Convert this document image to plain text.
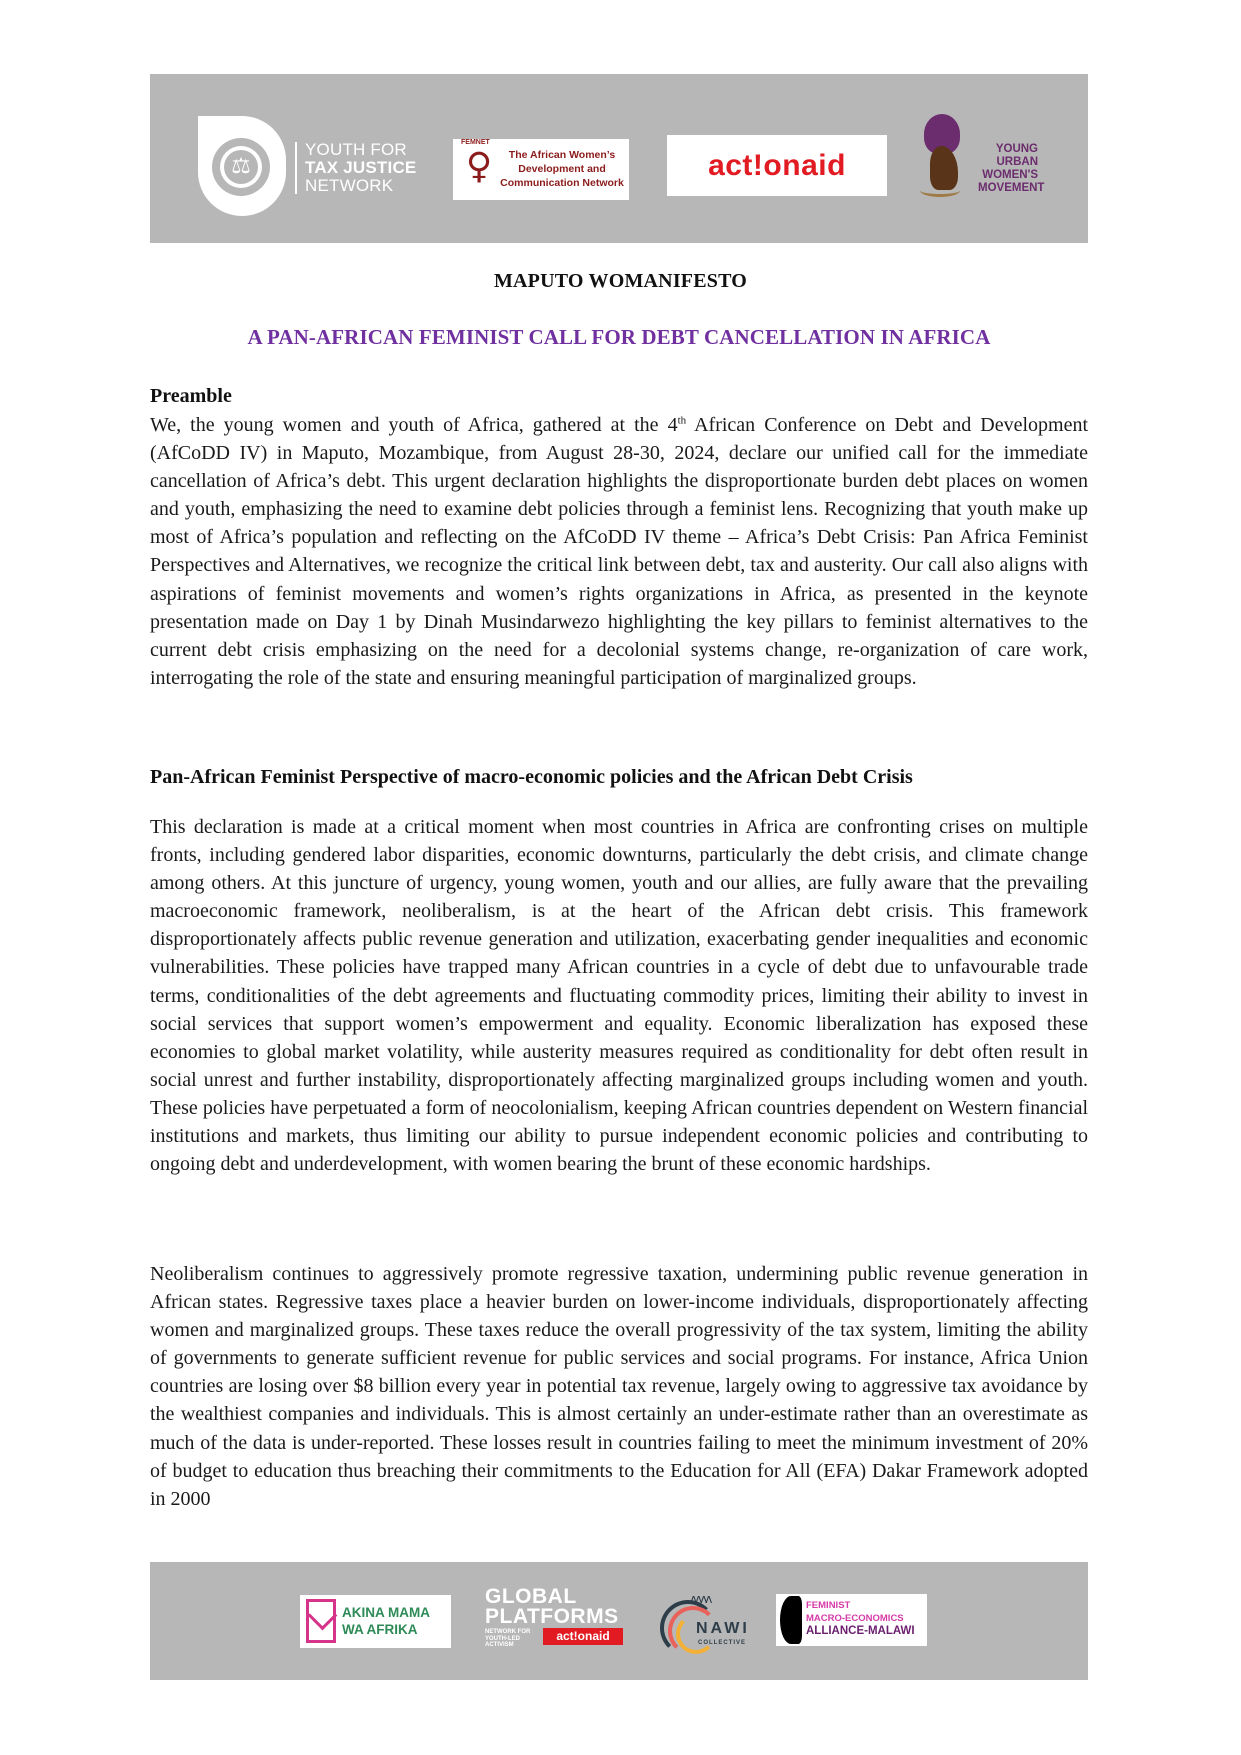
⚖
YOUTH FOR
TAX JUSTICE
NETWORK
FEMNET
♀	The African Women’s
Development and
Communication Network
act!onaid	YOUNG
URBAN
WOMEN'S
MOVEMENT
MAPUTO WOMANIFESTO
A PAN-AFRICAN FEMINIST CALL FOR DEBT CANCELLATION IN AFRICA
Preamble

We, the young women and youth of Africa, gathered at the 4th African Conference on Debt and Development (AfCoDD IV) in Maputo, Mozambique, from August 28-30, 2024, declare our unified call for the immediate cancellation of Africa’s debt. This urgent declaration highlights the disproportionate burden debt places on women and youth, emphasizing the need to examine debt policies through a feminist lens. Recognizing that youth make up most of Africa’s population and reflecting on the AfCoDD IV theme – Africa’s Debt Crisis: Pan Africa Feminist Perspectives and Alternatives, we recognize the critical link between debt, tax and austerity. Our call also aligns with aspirations of feminist movements and women’s rights organizations in Africa, as presented in the keynote presentation made on Day 1 by Dinah Musindarwezo highlighting the key pillars to feminist alternatives to the current debt crisis emphasizing on the need for a decolonial systems change, re-organization of care work, interrogating the role of the state and ensuring meaningful participation of marginalized groups.

Pan-African Feminist Perspective of macro-economic policies and the African Debt Crisis

This declaration is made at a critical moment when most countries in Africa are confronting crises on multiple fronts, including gendered labor disparities, economic downturns, particularly the debt crisis, and climate change among others. At this juncture of urgency, young women, youth and our allies, are fully aware that the prevailing macroeconomic framework, neoliberalism, is at the heart of the African debt crisis. This framework disproportionately affects public revenue generation and utilization, exacerbating gender inequalities and economic vulnerabilities. These policies have trapped many African countries in a cycle of debt due to unfavourable trade terms, conditionalities of the debt agreements and fluctuating commodity prices, limiting their ability to invest in social services that support women’s empowerment and equality. Economic liberalization has exposed these economies to global market volatility, while austerity measures required as conditionality for debt often result in social unrest and further instability, disproportionately affecting marginalized groups including women and youth. These policies have perpetuated a form of neocolonialism, keeping African countries dependent on Western financial institutions and markets, thus limiting our ability to pursue independent economic policies and contributing to ongoing debt and underdevelopment, with women bearing the brunt of these economic hardships.

Neoliberalism continues to aggressively promote regressive taxation, undermining public revenue generation in African states. Regressive taxes place a heavier burden on lower-income individuals, disproportionately affecting women and marginalized groups. These taxes reduce the overall progressivity of the tax system, limiting the ability of governments to generate sufficient revenue for public services and social programs. For instance, Africa Union countries are losing over $8 billion every year in potential tax revenue, largely owing to aggressive tax avoidance by the wealthiest companies and individuals. This is almost certainly an under-estimate rather than an overestimate as much of the data is under-reported. These losses result in countries failing to meet the minimum investment of 20% of budget to education thus breaching their commitments to the Education for All (EFA) Dakar Framework adopted in 2000

AKINA MAMA
WA AFRIKA
GLOBAL
PLATFORMS
NETWORK FOR YOUTH-LED ACTIVISM
act!onaid
ᴧᴧᴧᴧ
NAWI
COLLECTIVE
FEMINIST
MACRO-ECONOMICS
ALLIANCE-MALAWI
